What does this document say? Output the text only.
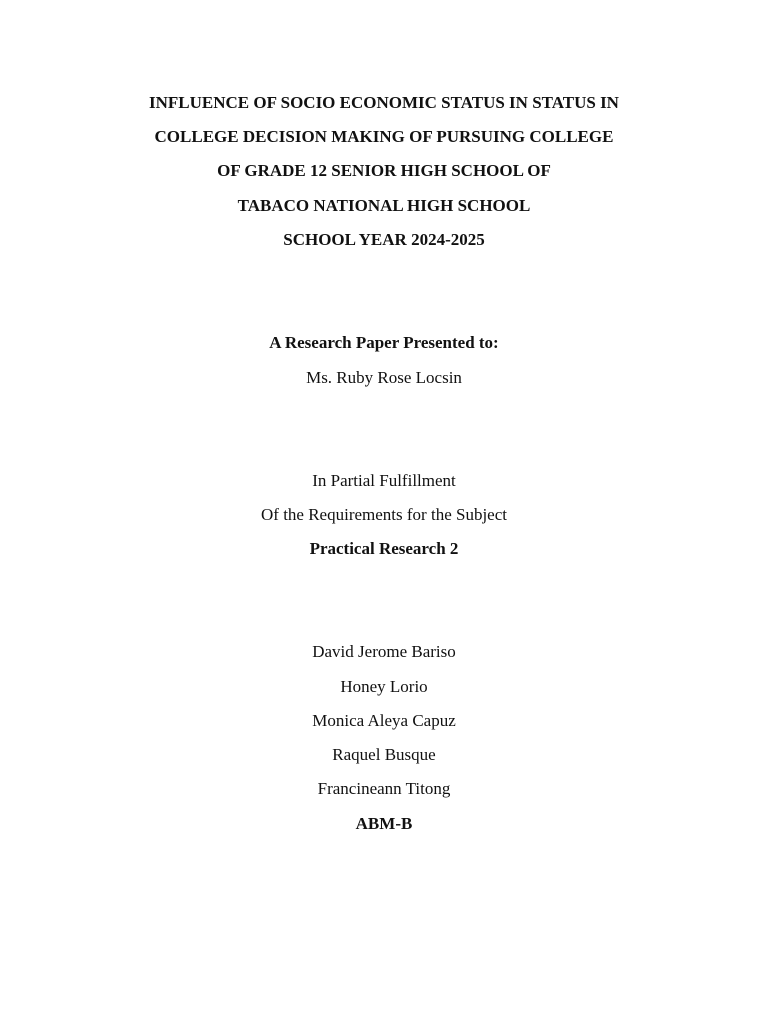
INFLUENCE OF SOCIO ECONOMIC STATUS IN STATUS IN
COLLEGE DECISION MAKING OF PURSUING COLLEGE
OF GRADE 12 SENIOR HIGH SCHOOL OF
TABACO NATIONAL HIGH SCHOOL
SCHOOL YEAR 2024-2025
A Research Paper Presented to:
Ms. Ruby Rose Locsin
In Partial Fulfillment
Of the Requirements for the Subject
Practical Research 2
David Jerome Bariso
Honey Lorio
Monica Aleya Capuz
Raquel Busque
Francineann Titong
ABM-B
